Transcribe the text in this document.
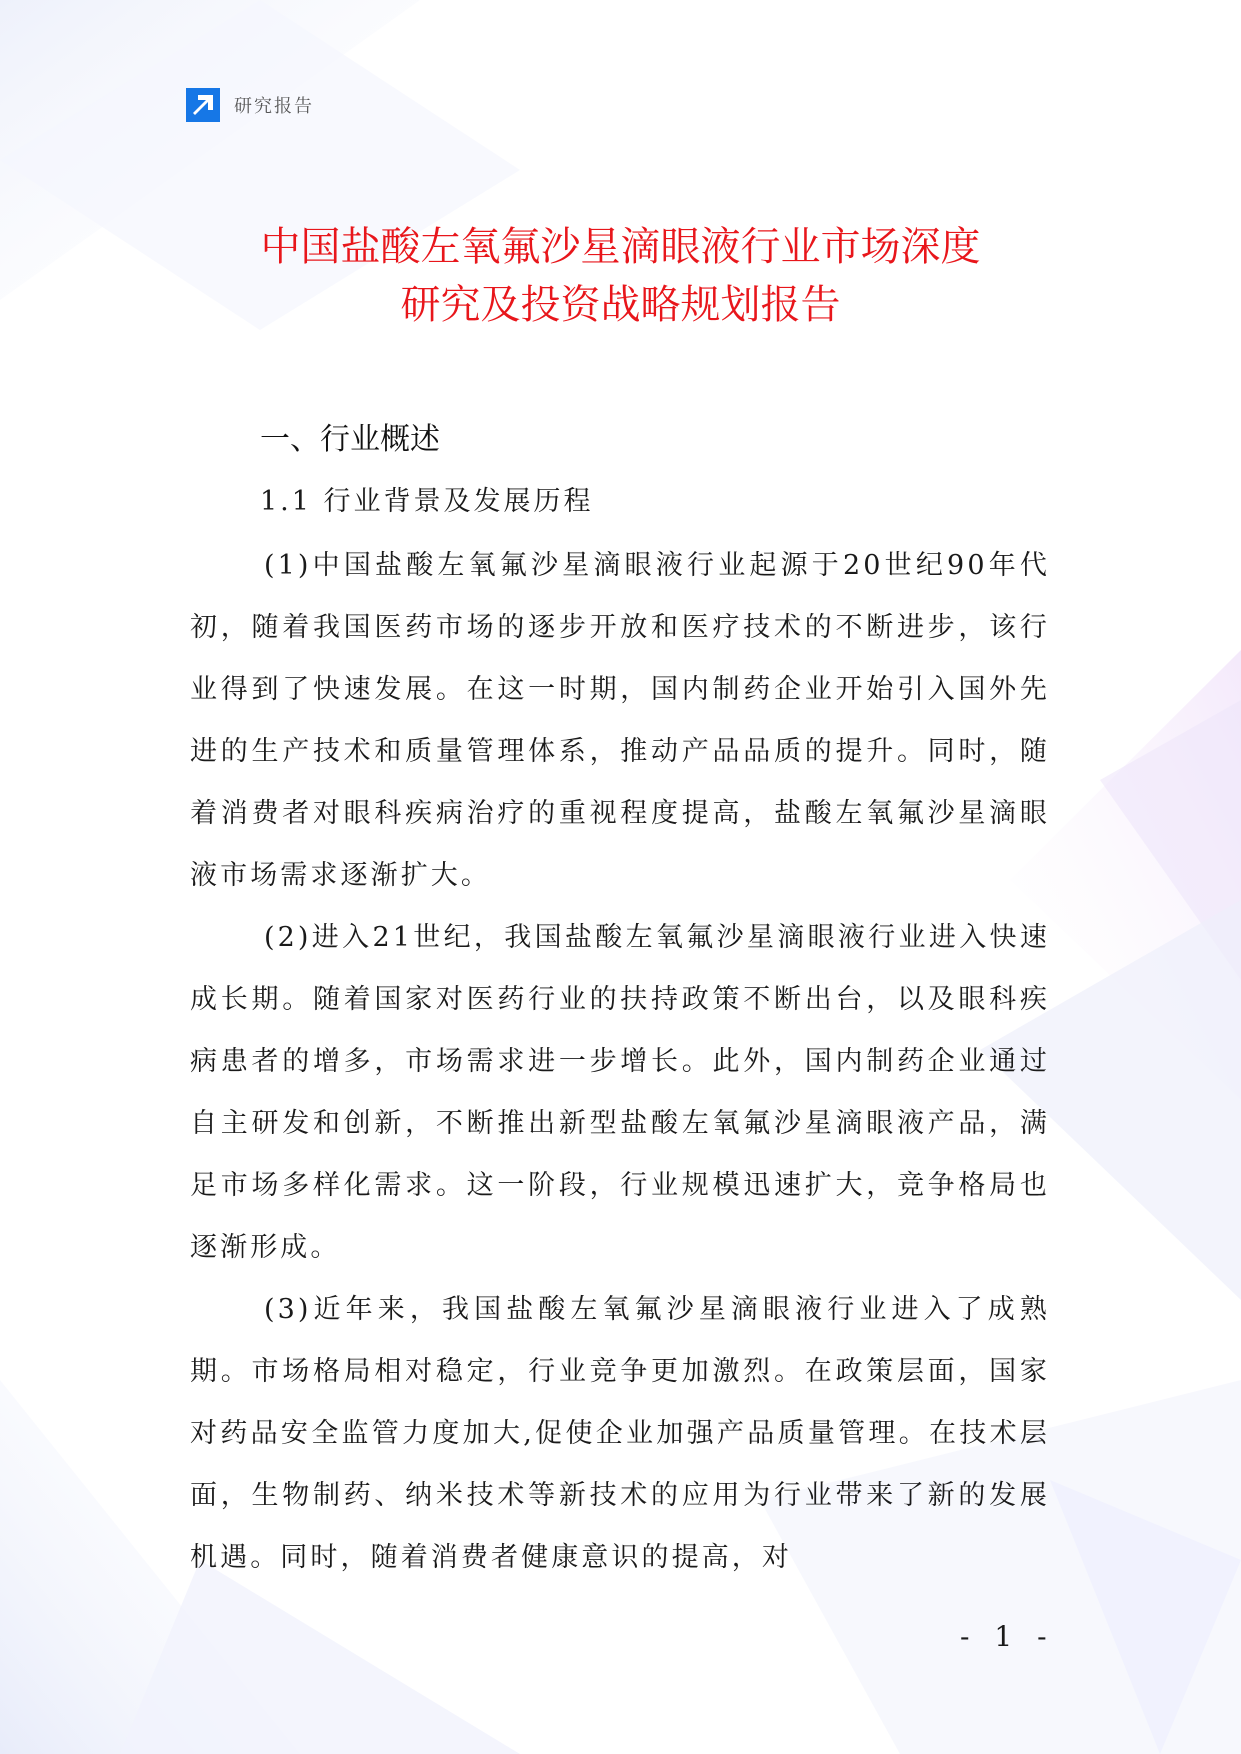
研究报告
中国盐酸左氧氟沙星滴眼液行业市场深度
研究及投资战略规划报告
一、行业概述
1.1 行业背景及发展历程

(1)中国盐酸左氧氟沙星滴眼液行业起源于20世纪90年代初，随着我国医药市场的逐步开放和医疗技术的不断进步，该行业得到了快速发展。在这一时期，国内制药企业开始引入国外先进的生产技术和质量管理体系，推动产品品质的提升。同时，随着消费者对眼科疾病治疗的重视程度提高，盐酸左氧氟沙星滴眼液市场需求逐渐扩大。

(2)进入21世纪，我国盐酸左氧氟沙星滴眼液行业进入快速成长期。随着国家对医药行业的扶持政策不断出台，以及眼科疾病患者的增多，市场需求进一步增长。此外，国内制药企业通过自主研发和创新，不断推出新型盐酸左氧氟沙星滴眼液产品，满足市场多样化需求。这一阶段，行业规模迅速扩大，竞争格局也逐渐形成。

(3)近年来，我国盐酸左氧氟沙星滴眼液行业进入了成熟期。市场格局相对稳定，行业竞争更加激烈。在政策层面，国家对药品安全监管力度加大,促使企业加强产品质量管理。在技术层面，生物制药、纳米技术等新技术的应用为行业带来了新的发展机遇。同时，随着消费者健康意识的提高，对

- 1 -
